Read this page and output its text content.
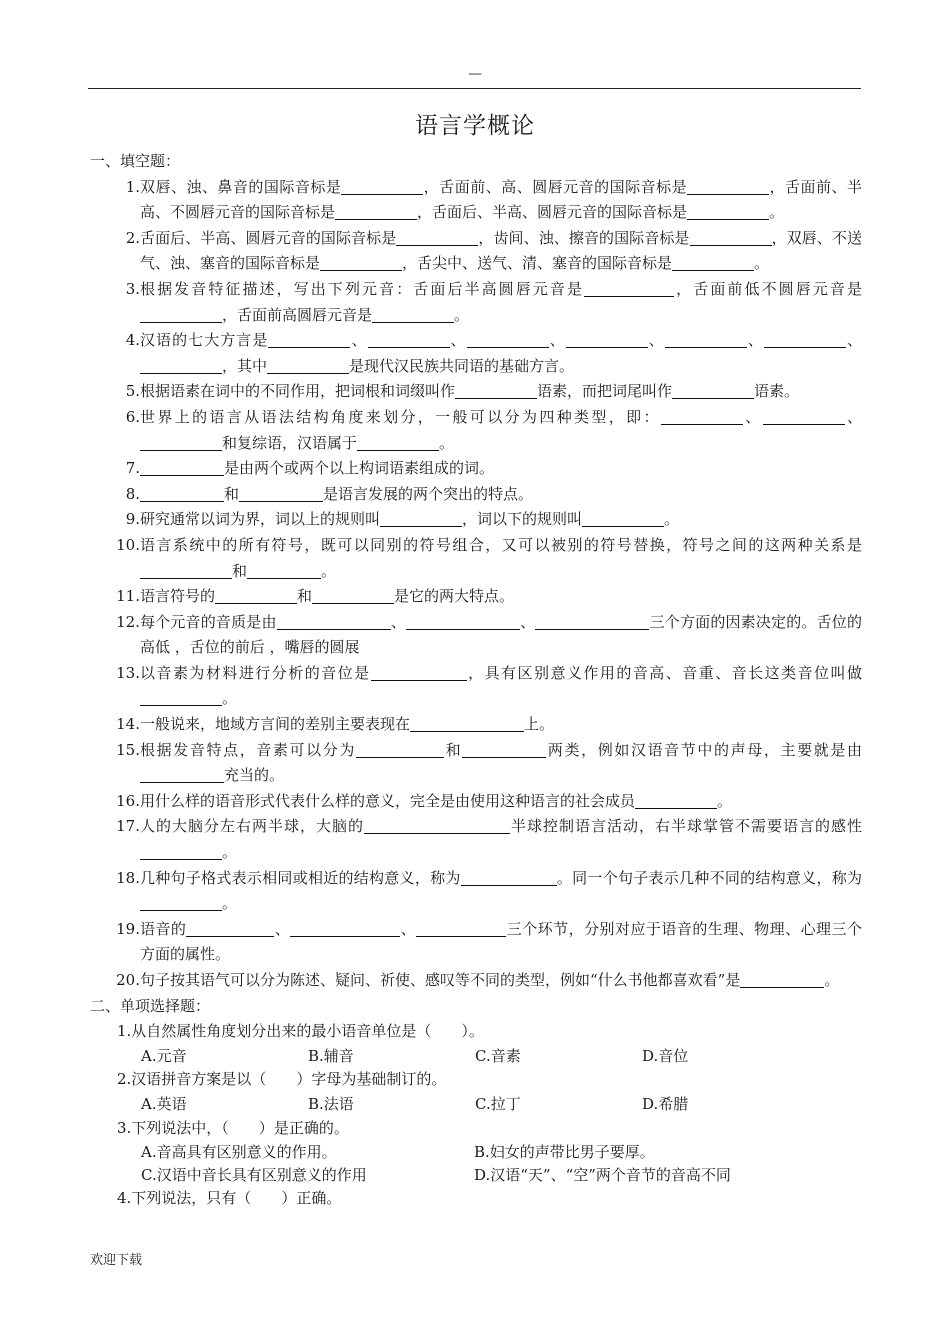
—
语言学概论
一、填空题：
1. 双唇、浊、鼻音的国际音标是	，舌面前、高、圆唇元音的国际音标是	，舌面前、半高、不圆唇元音的国际音标是	，舌面后、半高、圆唇元音的国际音标是	。
2. 舌面后、半高、圆唇元音的国际音标是	，齿间、浊、擦音的国际音标是	，双唇、不送气、浊、塞音的国际音标是	，舌尖中、送气、清、塞音的国际音标是	。
3. 根据发音特征描述，写出下列元音：舌面后半高圆唇元音是	，舌面前低不圆唇元音是，舌面前高圆唇元音是	。
4. 汉语的七大方言是	、	、	、	、	、	、，其中	是现代汉民族共同语的基础方言。
5. 根据语素在词中的不同作用，把词根和词缀叫作	语素，而把词尾叫作	语素。
6. 世界上的语言从语法结构角度来划分，一般可以分为四种类型，即：	、	、和复综语，汉语属于	。
7.	是由两个或两个以上构词语素组成的词。
8.	和	是语言发展的两个突出的特点。
9. 研究通常以词为界，词以上的规则叫	，词以下的规则叫	。
10. 语言系统中的所有符号，既可以同别的符号组合，又可以被别的符号替换，符号之间的这两种关系是和	。
11. 语言符号的	和	是它的两大特点。
12. 每个元音的音质是由	、	、	三个方面的因素决定的。舌位的高低 ，舌位的前后 ，嘴唇的圆展
13. 以音素为材料进行分析的音位是	，具有区别意义作用的音高、音重、音长这类音位叫做。
14. 一般说来，地域方言间的差别主要表现在	上。
15. 根据发音特点，音素可以分为	和	两类，例如汉语音节中的声母，主要就是由充当的。
16. 用什么样的语音形式代表什么样的意义，完全是由使用这种语言的社会成员	。
17. 人的大脑分左右两半球，大脑的	半球控制语言活动，右半球掌管不需要语言的感性。
18. 几种句子格式表示相同或相近的结构意义，称为	。同一个句子表示几种不同的结构意义，称为。
19. 语音的	、	、	三个环节，分别对应于语音的生理、物理、心理三个方面的属性。
20. 句子按其语气可以分为陈述、疑问、祈使、感叹等不同的类型，例如“什么书他都喜欢看”是	。
二、单项选择题：
1.从自然属性角度划分出来的最小语音单位是（　　）。
A.元音	B.辅音	C.音素	D.音位
2.汉语拼音方案是以（　　）字母为基础制订的。
A.英语	B.法语	C.拉丁	D.希腊
3.下列说法中，（　　）是正确的。
A.音高具有区别意义的作用。	B.妇女的声带比男子要厚。
C.汉语中音长具有区别意义的作用	D.汉语“天”、“空”两个音节的音高不同
4.下列说法，只有（　　）正确。
欢迎下载
